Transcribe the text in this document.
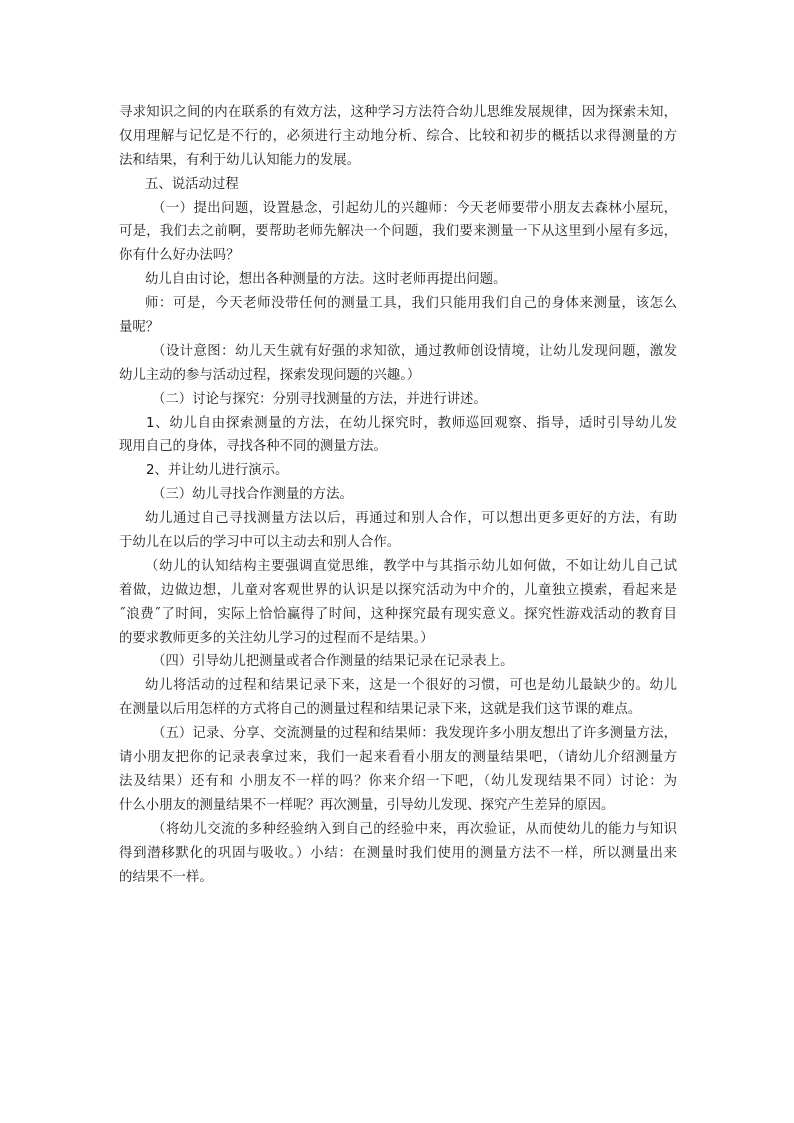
寻求知识之间的内在联系的有效方法，这种学习方法符合幼儿思维发展规律，因为探索未知，
仅用理解与记忆是不行的，必须进行主动地分析、综合、比较和初步的概括以求得测量的方
法和结果，有利于幼儿认知能力的发展。
五、说活动过程
（一）提出问题，设置悬念，引起幼儿的兴趣师：今天老师要带小朋友去森林小屋玩，
可是，我们去之前啊，要帮助老师先解决一个问题，我们要来测量一下从这里到小屋有多远，
你有什么好办法吗？
幼儿自由讨论，想出各种测量的方法。这时老师再提出问题。
师：可是，今天老师没带任何的测量工具，我们只能用我们自己的身体来测量，该怎么
量呢？
（设计意图：幼儿天生就有好强的求知欲，通过教师创设情境，让幼儿发现问题，激发
幼儿主动的参与活动过程，探索发现问题的兴趣。）
（二）讨论与探究：分别寻找测量的方法，并进行讲述。
1、幼儿自由探索测量的方法，在幼儿探究时，教师巡回观察、指导，适时引导幼儿发
现用自己的身体，寻找各种不同的测量方法。
2、并让幼儿进行演示。
（三）幼儿寻找合作测量的方法。
幼儿通过自己寻找测量方法以后，再通过和别人合作，可以想出更多更好的方法，有助
于幼儿在以后的学习中可以主动去和别人合作。
（幼儿的认知结构主要强调直觉思维，教学中与其指示幼儿如何做，不如让幼儿自己试
着做，边做边想，儿童对客观世界的认识是以探究活动为中介的，儿童独立摸索，看起来是
˝浪费˝了时间，实际上恰恰赢得了时间，这种探究最有现实意义。探究性游戏活动的教育目
的要求教师更多的关注幼儿学习的过程而不是结果。）
（四）引导幼儿把测量或者合作测量的结果记录在记录表上。
幼儿将活动的过程和结果记录下来，这是一个很好的习惯，可也是幼儿最缺少的。幼儿
在测量以后用怎样的方式将自己的测量过程和结果记录下来，这就是我们这节课的难点。
（五）记录、分享、交流测量的过程和结果师：我发现许多小朋友想出了许多测量方法，
请小朋友把你的记录表拿过来，我们一起来看看小朋友的测量结果吧，（请幼儿介绍测量方
法及结果）还有和 小朋友不一样的吗？你来介绍一下吧，（幼儿发现结果不同）讨论：为
什么小朋友的测量结果不一样呢？再次测量，引导幼儿发现、探究产生差异的原因。
（将幼儿交流的多种经验纳入到自己的经验中来，再次验证，从而使幼儿的能力与知识
得到潜移默化的巩固与吸收。）小结：在测量时我们使用的测量方法不一样，所以测量出来
的结果不一样。
